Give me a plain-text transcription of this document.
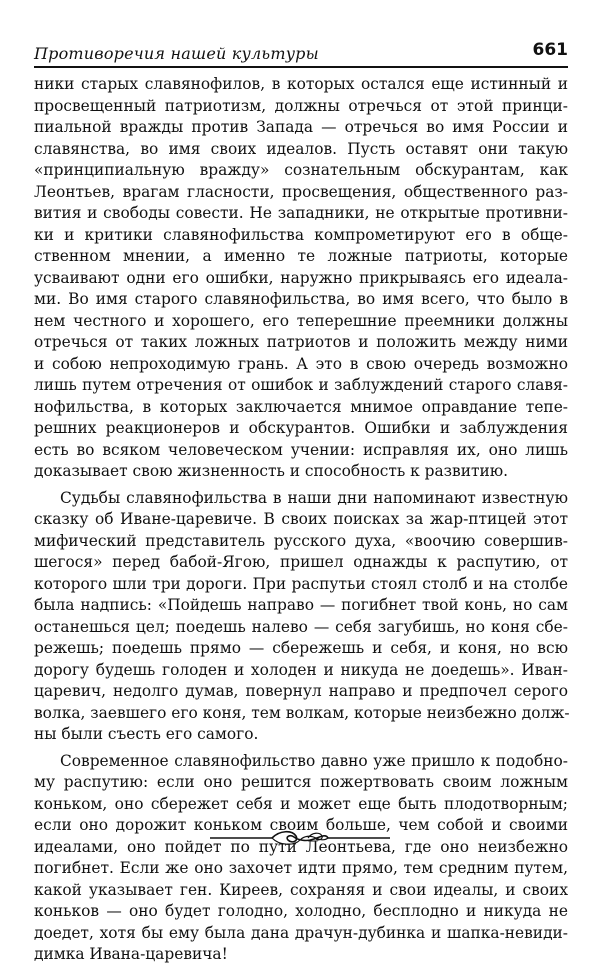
Противоречия нашей культуры	661
ники старых славянофилов, в которых остался еще истинный и
просвещенный патриотизм, должны отречься от этой принци-
пиальной вражды против Запада — отречься во имя России и
славянства, во имя своих идеалов. Пусть оставят они такую
«принципиальную вражду» сознательным обскурантам, как
Леонтьев, врагам гласности, просвещения, общественного раз-
вития и свободы совести. Не западники, не открытые противни-
ки и критики славянофильства компрометируют его в обще-
ственном мнении, а именно те ложные патриоты, которые
усваивают одни его ошибки, наружно прикрываясь его идеала-
ми. Во имя старого славянофильства, во имя всего, что было в
нем честного и хорошего, его теперешние преемники должны
отречься от таких ложных патриотов и положить между ними
и собою непроходимую грань. А это в свою очередь возможно
лишь путем отречения от ошибок и заблуждений старого славя-
нофильства, в которых заключается мнимое оправдание тепе-
решних реакционеров и обскурантов. Ошибки и заблуждения
есть во всяком человеческом учении: исправляя их, оно лишь
доказывает свою жизненность и способность к развитию.
Судьбы славянофильства в наши дни напоминают известную
сказку об Иване-царевиче. В своих поисках за жар-птицей этот
мифический представитель русского духа, «воочию совершив-
шегося» перед бабой-Ягою, пришел однажды к распутию, от
которого шли три дороги. При распутьи стоял столб и на столбе
была надпись: «Пойдешь направо — погибнет твой конь, но сам
останешься цел; поедешь налево — себя загубишь, но коня сбе-
режешь; поедешь прямо — сбережешь и себя, и коня, но всю
дорогу будешь голоден и холоден и никуда не доедешь». Иван-
царевич, недолго думав, повернул направо и предпочел серого
волка, заевшего его коня, тем волкам, которые неизбежно долж-
ны были съесть его самого.
Современное славянофильство давно уже пришло к подобно-
му распутию: если оно решится пожертвовать своим ложным
коньком, оно сбережет себя и может еще быть плодотворным;
если оно дорожит коньком своим больше, чем собой и своими
идеалами, оно пойдет по пути Леонтьева, где оно неизбежно
погибнет. Если же оно захочет идти прямо, тем средним путем,
какой указывает ген. Киреев, сохраняя и свои идеалы, и своих
коньков — оно будет голодно, холодно, бесплодно и никуда не
доедет, хотя бы ему была дана драчун-дубинка и шапка-невиди-
димка Ивана-царевича!
